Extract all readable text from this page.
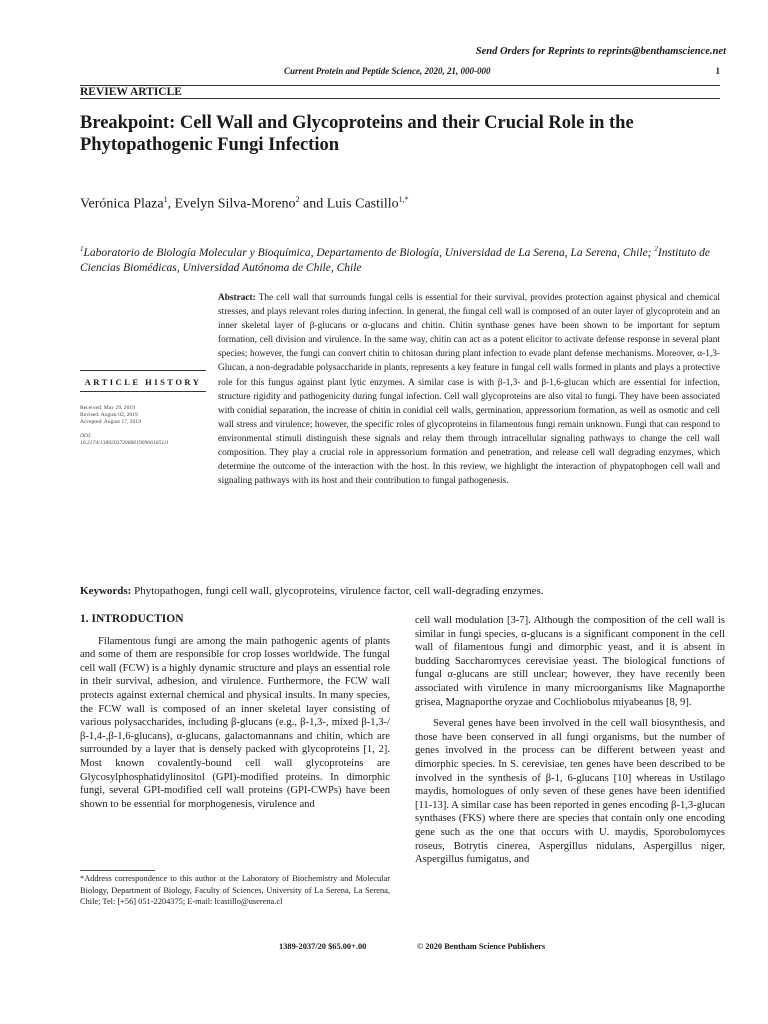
Send Orders for Reprints to reprints@benthamscience.net
Current Protein and Peptide Science, 2020, 21, 000-000	1
REVIEW ARTICLE
Breakpoint: Cell Wall and Glycoproteins and their Crucial Role in the Phytopathogenic Fungi Infection
Verónica Plaza$^1$, Evelyn Silva-Moreno$^2$ and Luis Castillo$^{1,*}$
$^1$Laboratorio de Biología Molecular y Bioquímica, Departamento de Biología, Universidad de La Serena, La Serena, Chile; $^2$Instituto de Ciencias Biomédicas, Universidad Autónoma de Chile, Chile
Abstract: The cell wall that surrounds fungal cells is essential for their survival, provides protection against physical and chemical stresses, and plays relevant roles during infection. In general, the fungal cell wall is composed of an outer layer of glycoprotein and an inner skeletal layer of β-glucans or α-glucans and chitin. Chitin synthase genes have been shown to be important for septum formation, cell division and virulence. In the same way, chitin can act as a potent elicitor to activate defense response in several plant species; however, the fungi can convert chitin to chitosan during plant infection to evade plant defense mechanisms. Moreover, α-1,3-Glucan, a non-degradable polysaccharide in plants, represents a key feature in fungal cell walls formed in plants and plays a protective role for this fungus against plant lytic enzymes. A similar case is with β-1,3- and β-1,6-glucan which are essential for infection, structure rigidity and pathogenicity during fungal infection. Cell wall glycoproteins are also vital to fungi. They have been associated with conidial separation, the increase of chitin in conidial cell walls, germination, appressorium formation, as well as osmotic and cell wall stress and virulence; however, the specific roles of glycoproteins in filamentous fungi remain unknown. Fungi that can respond to environmental stimuli distinguish these signals and relay them through intracellular signaling pathways to change the cell wall composition. They play a crucial role in appressorium formation and penetration, and release cell wall degrading enzymes, which determine the outcome of the interaction with the host. In this review, we highlight the interaction of phypatophogen cell wall and signaling pathways with its host and their contribution to fungal pathogenesis.
ARTICLE HISTORY
Received: May 29, 2019
Revised: August 02, 2019
Accepted: August 17, 2019
DOI:
10.2174/1389203720666190906165111
Keywords: Phytopathogen, fungi cell wall, glycoproteins, virulence factor, cell wall-degrading enzymes.
1. INTRODUCTION

Filamentous fungi are among the main pathogenic agents of plants and some of them are responsible for crop losses worldwide. The fungal cell wall (FCW) is a highly dynamic structure and plays an essential role in their survival, adhesion, and virulence. Furthermore, the FCW wall protects against external chemical and physical insults. In many species, the FCW wall is composed of an inner skeletal layer consisting of various polysaccharides, including β-glucans (e.g., β-1,3-, mixed β-1,3-/β-1,4-,β-1,6-glucans), α-glucans, galactomannans and chitin, which are surrounded by a layer that is densely packed with glycoproteins [1, 2]. Most known covalently-bound cell wall glycoproteins are Glycosylphosphatidylinositol (GPI)-modified proteins. In dimorphic fungi, several GPI-modified cell wall proteins (GPI-CWPs) have been shown to be essential for morphogenesis, virulence and

cell wall modulation [3-7]. Although the composition of the cell wall is similar in fungi species, α-glucans is a significant component in the cell wall of filamentous fungi and dimorphic yeast, and it is absent in budding Saccharomyces cerevisiae yeast. The biological functions of fungal α-glucans are still unclear; however, they have recently been associated with virulence in many microorganisms like Magnaporthe grisea, Magnaporthe oryzae and Cochliobolus miyabeanus [8, 9].

Several genes have been involved in the cell wall biosynthesis, and those have been conserved in all fungi organisms, but the number of genes involved in the process can be different between yeast and dimorphic species. In S. cerevisiae, ten genes have been described to be involved in the synthesis of β-1, 6-glucans [10] whereas in Ustilago maydis, homologues of only seven of these genes have been identified [11-13]. A similar case has been reported in genes encoding β-1,3-glucan synthases (FKS) where there are species that contain only one encoding gene such as the one that occurs with U. maydis, Sporobolomyces roseus, Botrytis cinerea, Aspergillus nidulans, Aspergillus niger, Aspergillus fumigatus, and

*Address correspondence to this author at the Laboratory of Biochemistry and Molecular Biology, Department of Biology, Faculty of Sciences, University of La Serena, La Serena, Chile; Tel: [+56] 051-2204375; E-mail: lcastillo@userena.cl
1389-2037/20 $65.00+.00	© 2020 Bentham Science Publishers
